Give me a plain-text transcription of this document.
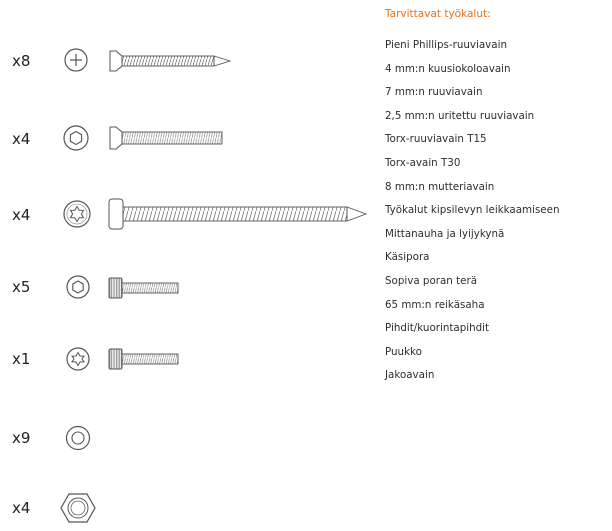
x8
x4
x4
x5
x1
x9
x4
Tarvittavat työkalut:
Pieni Phillips-ruuviavain
4 mm:n kuusiokoloavain
7 mm:n ruuviavain
2,5 mm:n uritettu ruuviavain
Torx-ruuviavain T15
Torx-avain T30
8 mm:n mutteriavain
Työkalut kipsilevyn leikkaamiseen
Mittanauha ja lyijykynä
Käsipora
Sopiva poran terä
65 mm:n reikäsaha
Pihdit/kuorintapihdit
Puukko
Jakoavain
